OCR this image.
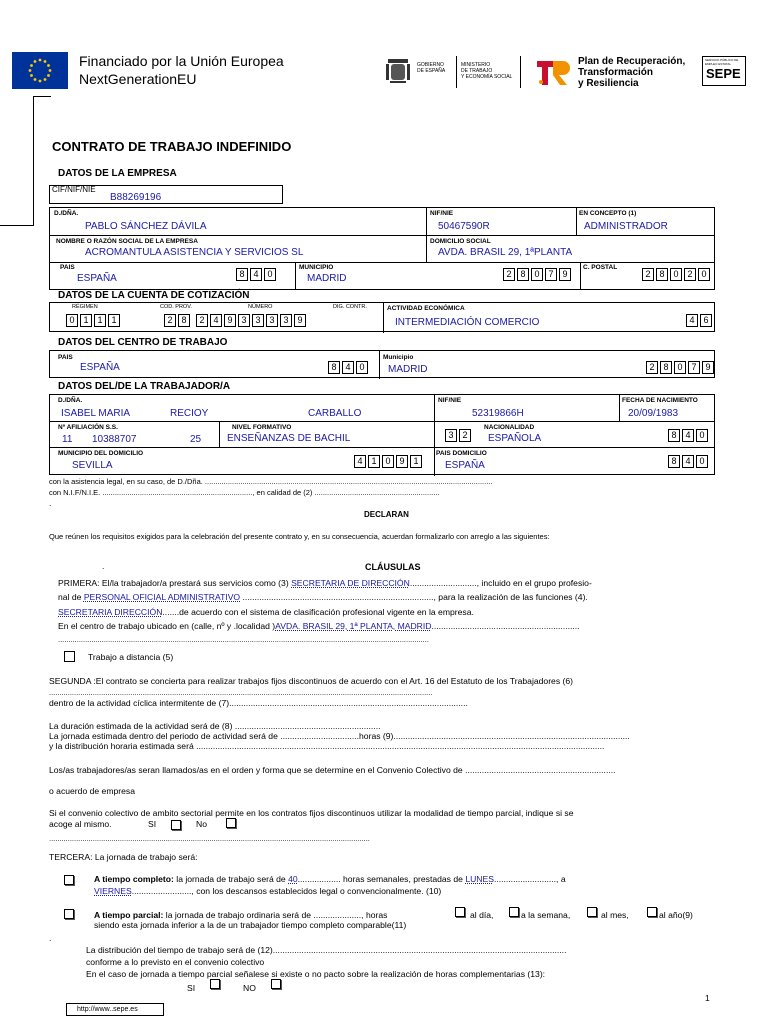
Financiado por la Unión Europea
NextGenerationEU
GOBIERNO
DE ESPAÑA
MINISTERIO
DE TRABAJO
Y ECONOMÍA SOCIAL
Plan de Recuperación,
Transformación
y Resiliencia
SERVICIO PÚBLICO DE EMPLEO ESTATAL
SEPE
CONTRATO DE TRABAJO INDEFINIDO
DATOS DE LA EMPRESA
CIF/NIF/NIE
B88269196
D./DÑA.
PABLO SÁNCHEZ DÁVILA
NIF/NIE
50467590R
EN CONCEPTO (1)
ADMINISTRADOR
NOMBRE O RAZÓN SOCIAL DE LA EMPRESA
ACROMANTULA ASISTENCIA Y SERVICIOS SL
DOMICILIO SOCIAL
AVDA. BRASIL 29, 1ªPLANTA
PAIS
ESPAÑA	8 4 0
MUNICIPIO
MADRID	2 8 0 7 9
C. POSTAL
2 8 0 2 0
DATOS DE LA CUENTA DE COTIZACIÓN
RÉGIMEN	COD. PROV.	NÚMERO	DIG. CONTR.
0 1 1 1	2 8	2 4 9 3 3 3 3 9
ACTIVIDAD ECONÓMICA
INTERMEDIACIÓN COMERCIO	4 6
DATOS DEL CENTRO DE TRABAJO
PAIS
ESPAÑA	8 4 0
Municipio
MADRID	2 8 0 7 9
DATOS DEL/DE LA TRABAJADOR/A
D./DÑA.
ISABEL MARIA	RECIOY	CARBALLO
NIF/NIE
52319866H
FECHA DE NACIMIENTO
20/09/1983
Nº AFILIACIÓN S.S.
11 10388707	25
NIVEL FORMATIVO
ENSEÑANZAS DE BACHIL	3 2
NACIONALIDAD
ESPAÑOLA	8 4 0
MUNICIPIO DEL DOMICILIO
SEVILLA	4 1 0 9 1
PAIS DOMICILIO
ESPAÑA	8 4 0
con la asistencia legal, en su caso, de D./Dña. ..........................................................................................................................................
con N.I.F/N.I.E. ........................................................................, en calidad de (2) ............................................................
.
DECLARAN
Que reúnen los requisitos exigidos para la celebración del presente contrato y, en su consecuencia, acuerdan formalizarlo con arreglo a las siguientes:
.	CLÁUSULAS
PRIMERA: El/la trabajador/a prestará sus servicios como (3) SECRETARIA DE DIRECCIÓN............................, incluido en el grupo profesio-
nal de PERSONAL OFICIAL ADMINISTRATIVO ................................................................................, para la realización de las funciones (4).
SECRETARIA DIRECCIÓN.......de acuerdo con el sistema de clasificación profesional vigente en la empresa.
En el centro de trabajo ubicado en (calle, nº y .localidad )AVDA. BRASIL 29, 1ª PLANTA, MADRID..............................................................
..................................................................................................................................................................................
Trabajo a distancia (5)
SEGUNDA :El contrato se concierta para realizar trabajos fijos discontinuos de acuerdo con el Art. 16 del Estatuto de los Trabajadores (6)
........................................................................................................................................................................................
dentro de la actividad cíclica intermitente de (7)....................................................................................................
La duración estimada de la actividad será de (8) .............................................................
La jornada estimada dentro del periodo de actividad será de .................................horas (9)...................................................................................................
y la distribución horaria estimada será ...........................................................................................................................................................................
Los/as trabajadores/as seran llamados/as en el orden y forma que se determine en el Convenio Colectivo de ...............................................................
o acuerdo de empresa
Si el convenio colectivo de ambito sectorial permite en los contratos fijos discontinuos utilizar la modalidad de tiempo parcial, indique si se
acoge al mismo.	SI	No
..........................................................................................................................................................
TERCERA: La jornada de trabajo será:
A tiempo completo: la jornada de trabajo será de 40.................. horas semanales, prestadas de LUNES.........................., a
VIERNES........................., con los descansos establecidos legal o convencionalmente. (10)
A tiempo parcial: la jornada de trabajo ordinaria será de ...................., horas	al día,	a la semana,	al mes,	al año(9)
siendo esta jornada inferior a la de un trabajador tiempo completo comparable(11)
.
La distribución del tiempo de trabajo será de (12)...........................................................................................................................
conforme a lo previsto en el convenio colectivo
En el caso de jornada a tiempo parcial señalese si existe o no pacto sobre la realización de horas complementarias (13):
SI	NO
http://www..sepe.es
1
